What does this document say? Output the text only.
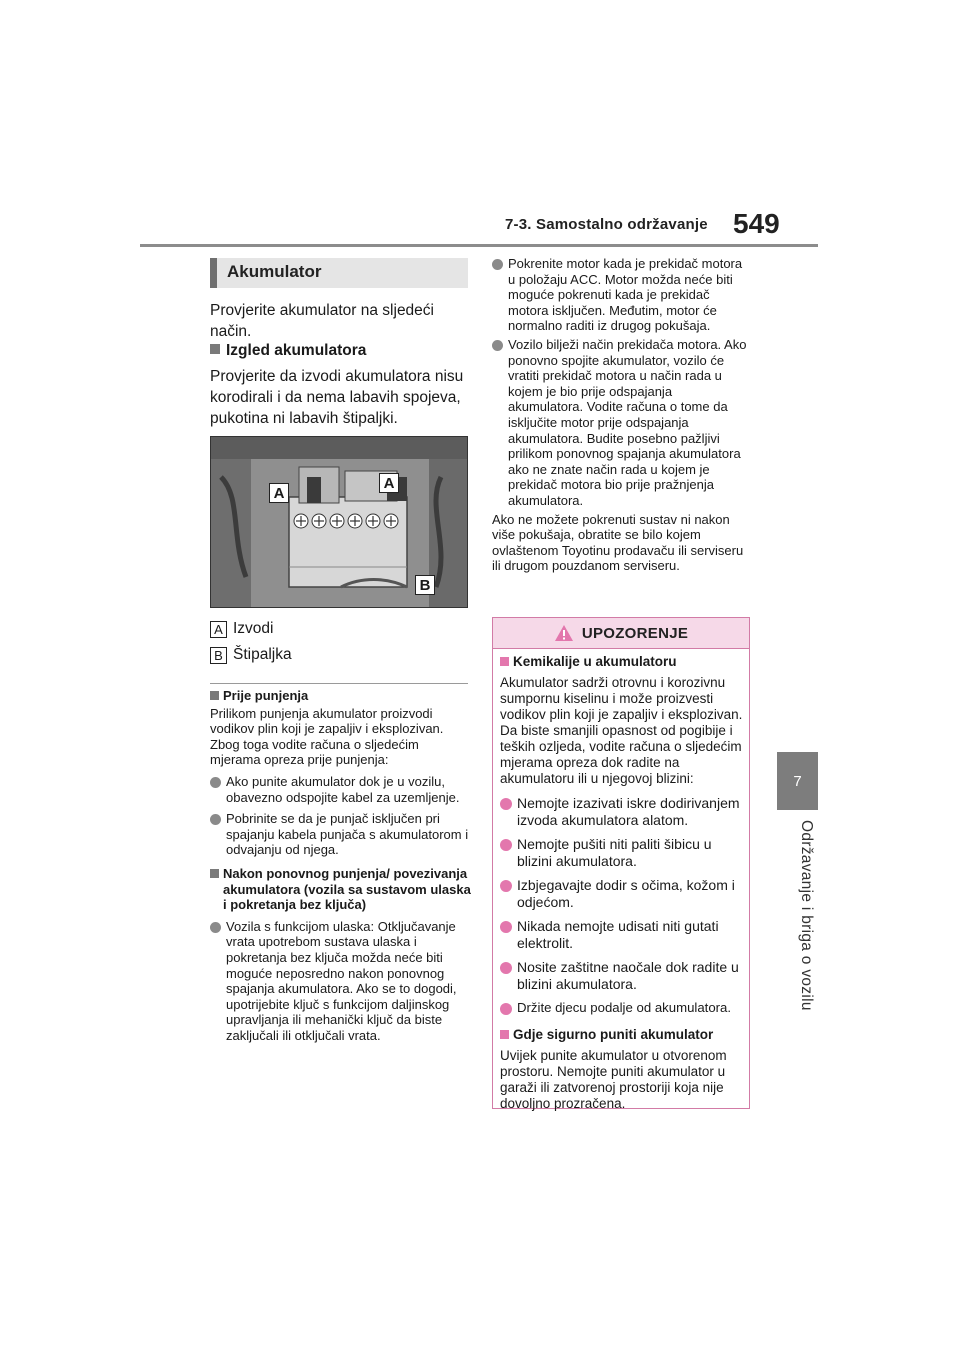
7-3. Samostalno održavanje 549
7
Održavanje i briga o vozilu
Akumulator
Provjerite akumulator na sljedeći način.
Izgled akumulatora
Provjerite da izvodi akumulatora nisu korodirali i da nema labavih spojeva, pukotina ni labavih štipaljki.
A
A
B
A Izvodi
B Štipaljka
Prije punjenja
Prilikom punjenja akumulator proizvodi vodikov plin koji je zapaljiv i eksplozivan. Zbog toga vodite računa o sljedećim mjerama opreza prije punjenja:
Ako punite akumulator dok je u vozilu, obavezno odspojite kabel za uzemljenje.
Pobrinite se da je punjač isključen pri spajanju kabela punjača s akumulatorom i odvajanju od njega.
Nakon ponovnog punjenja/ povezivanja akumulatora (vozila sa sustavom ulaska i pokretanja bez ključa)
Vozila s funkcijom ulaska: Otključavanje vrata upotrebom sustava ulaska i pokretanja bez ključa možda neće biti moguće neposredno nakon ponovnog spajanja akumulatora. Ako se to dogodi, upotrijebite ključ s funkcijom daljinskog upravljanja ili mehanički ključ da biste zaključali ili otključali vrata.
Pokrenite motor kada je prekidač motora u položaju ACC. Motor možda neće biti moguće pokrenuti kada je prekidač motora isključen. Međutim, motor će normalno raditi iz drugog pokušaja.
Vozilo bilježi način prekidača motora. Ako ponovno spojite akumulator, vozilo će vratiti prekidač motora u način rada u kojem je bio prije odspajanja akumulatora. Vodite računa o tome da isključite motor prije odspajanja akumulatora. Budite posebno pažljivi prilikom ponovnog spajanja akumulatora ako ne znate način rada u kojem je prekidač motora bio prije pražnjenja akumulatora.
Ako ne možete pokrenuti sustav ni nakon više pokušaja, obratite se bilo kojem ovlaštenom Toyotinu prodavaču ili serviseru ili drugom pouzdanom serviseru.
UPOZORENJE
Kemikalije u akumulatoru
Akumulator sadrži otrovnu i korozivnu sumpornu kiselinu i može proizvesti vodikov plin koji je zapaljiv i eksplozivan. Da biste smanjili opasnost od pogibije i teških ozljeda, vodite računa o sljedećim mjerama opreza dok radite na akumulatoru ili u njegovoj blizini:
Nemojte izazivati iskre dodirivanjem izvoda akumulatora alatom.
Nemojte pušiti niti paliti šibicu u blizini akumulatora.
Izbjegavajte dodir s očima, kožom i odjećom.
Nikada nemojte udisati niti gutati elektrolit.
Nosite zaštitne naočale dok radite u blizini akumulatora.
Držite djecu podalje od akumulatora.
Gdje sigurno puniti akumulator
Uvijek punite akumulator u otvorenom prostoru. Nemojte puniti akumulator u garaži ili zatvorenoj prostoriji koja nije dovoljno prozračena.
